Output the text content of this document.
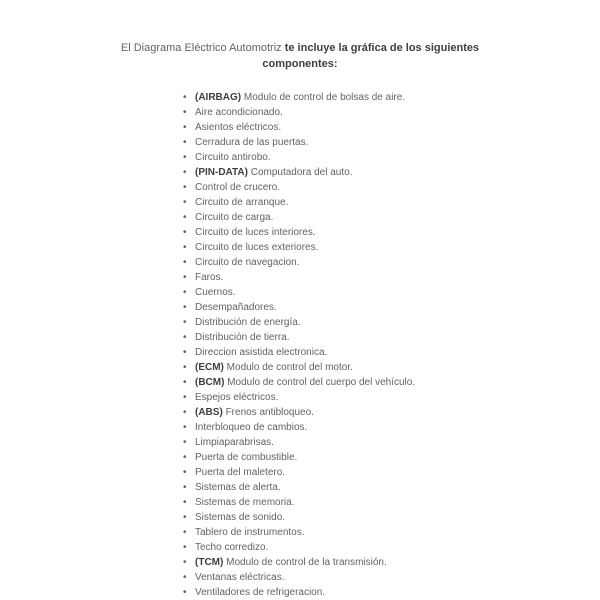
El Diagrama Eléctrico Automotriz te incluye la gráfica de los siguientes
componentes:
• (AIRBAG) Modulo de control de bolsas de aire.
• Aire acondicionado.
• Asientos eléctricos.
• Cerradura de las puertas.
• Circuito antirobo.
• (PIN-DATA) Computadora del auto.
• Control de crucero.
• Circuito de arranque.
• Circuito de carga.
• Circuito de luces interiores.
• Circuito de luces exteriores.
• Circuito de navegacion.
• Faros.
• Cuernos.
• Desempañadores.
• Distribución de energía.
• Distribución de tierra.
• Direccion asistida electronica.
• (ECM) Modulo de control del motor.
• (BCM) Modulo de control del cuerpo del vehículo.
• Espejos eléctricos.
• (ABS) Frenos antibloqueo.
• Interbloqueo de cambios.
• Limpiaparabrisas.
• Puerta de combustible.
• Puerta del maletero.
• Sistemas de alerta.
• Sistemas de memoria.
• Sistemas de sonido.
• Tablero de instrumentos.
• Techo corredizo.
• (TCM) Modulo de control de la transmisión.
• Ventanas eléctricas.
• Ventiladores de refrigeracion.
